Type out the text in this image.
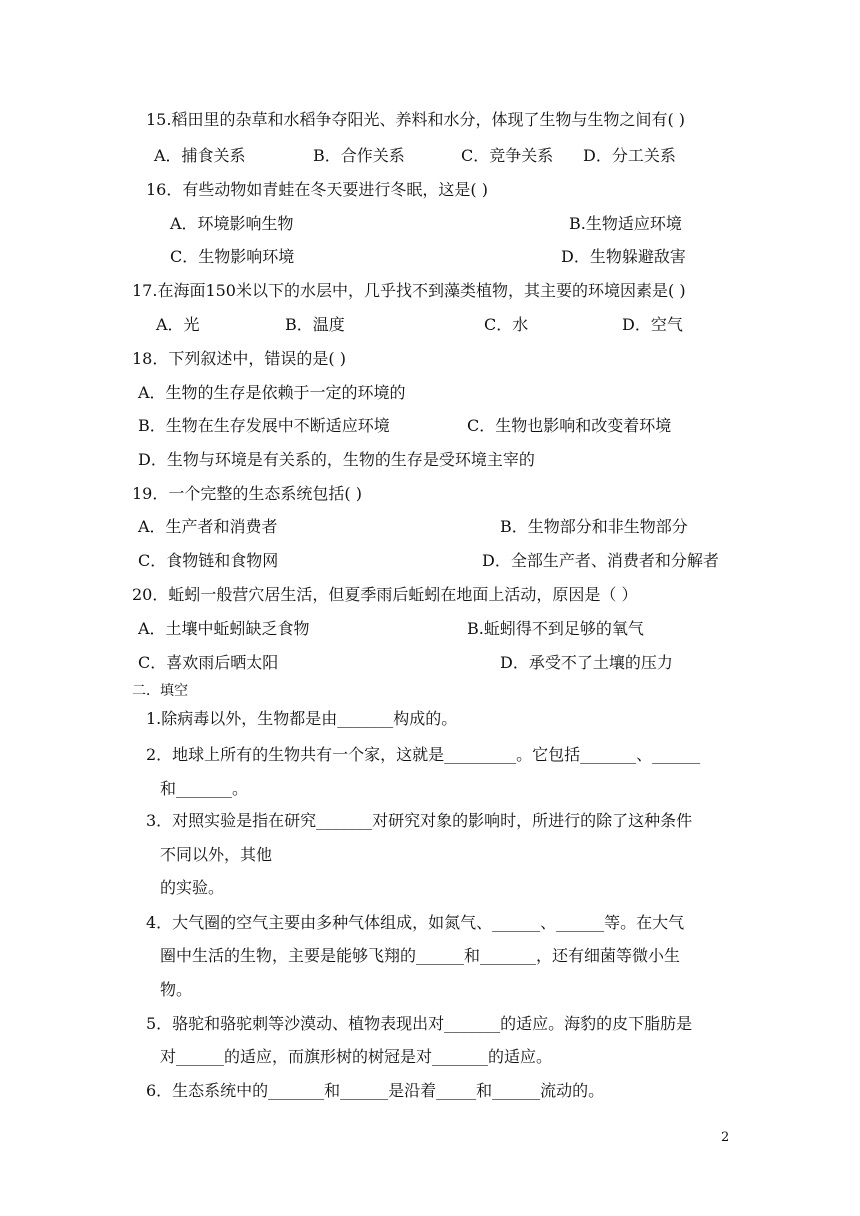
15.稻田里的杂草和水稻争夺阳光、养料和水分，体现了生物与生物之间有( )
A．捕食关系	B．合作关系	C．竞争关系 D．分工关系
16．有些动物如青蛙在冬天要进行冬眠，这是( )
A．环境影响生物	B.生物适应环境
C．生物影响环境	D．生物躲避敌害
17.在海面150米以下的水层中，几乎找不到藻类植物，其主要的环境因素是( )
A．光	B．温度	C．水	D．空气
18．下列叙述中，错误的是( )
A．生物的生存是依赖于一定的环境的
B．生物在生存发展中不断适应环境	C．生物也影响和改变着环境
D．生物与环境是有关系的，生物的生存是受环境主宰的
19．一个完整的生态系统包括( )
A．生产者和消费者	B．生物部分和非生物部分
C．食物链和食物网	D．全部生产者、消费者和分解者
20．蚯蚓一般营穴居生活，但夏季雨后蚯蚓在地面上活动，原因是（ ）
A．土壤中蚯蚓缺乏食物	B.蚯蚓得不到足够的氧气
C．喜欢雨后晒太阳	D．承受不了土壤的压力
二．填空
1.除病毒以外，生物都是由_______构成的。
2．地球上所有的生物共有一个家，这就是_________。它包括_______、______
和_______。
3．对照实验是指在研究_______对研究对象的影响时，所进行的除了这种条件
不同以外，其他
的实验。
4．大气圈的空气主要由多种气体组成，如氮气、______、______等。在大气
圈中生活的生物，主要是能够飞翔的______和_______，还有细菌等微小生
物。
5．骆驼和骆驼刺等沙漠动、植物表现出对_______的适应。海豹的皮下脂肪是
对______的适应，而旗形树的树冠是对_______的适应。
6．生态系统中的_______和______是沿着_____和______流动的。
2
